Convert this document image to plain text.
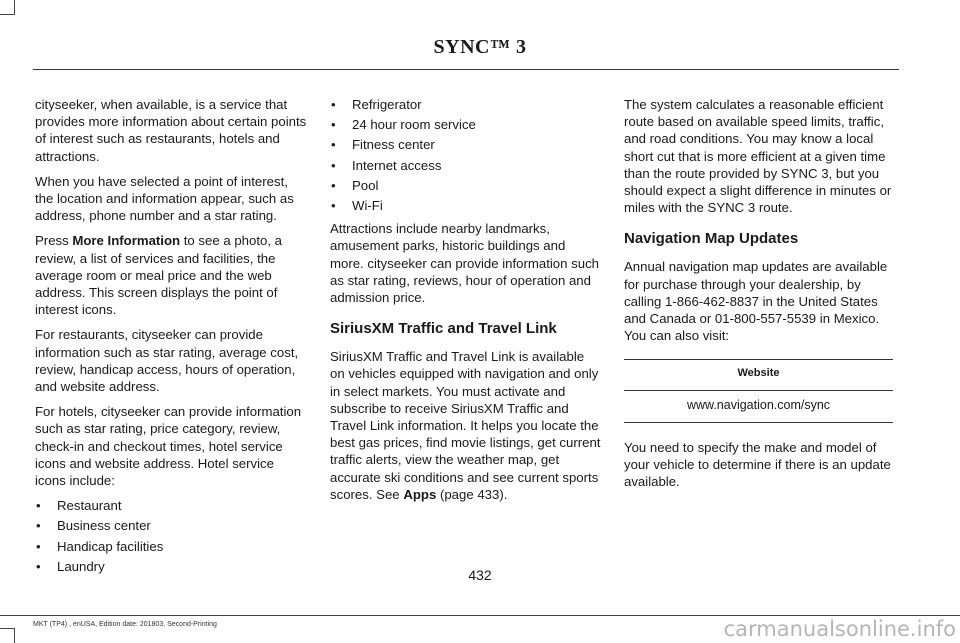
SYNC™ 3

cityseeker, when available, is a service that provides more information about certain points of interest such as restaurants, hotels and attractions.

When you have selected a point of interest, the location and information appear, such as address, phone number and a star rating.

Press More Information to see a photo, a review, a list of services and facilities, the average room or meal price and the web address. This screen displays the point of interest icons.

For restaurants, cityseeker can provide information such as star rating, average cost, review, handicap access, hours of operation, and website address.

For hotels, cityseeker can provide information such as star rating, price category, review, check-in and checkout times, hotel service icons and website address. Hotel service icons include:

• Restaurant
• Business center
• Handicap facilities
• Laundry
• Refrigerator
• 24 hour room service
• Fitness center
• Internet access
• Pool
• Wi-Fi

Attractions include nearby landmarks, amusement parks, historic buildings and more. cityseeker can provide information such as star rating, reviews, hour of operation and admission price.

SiriusXM Traffic and Travel Link

SiriusXM Traffic and Travel Link is available on vehicles equipped with navigation and only in select markets. You must activate and subscribe to receive SiriusXM Traffic and Travel Link information. It helps you locate the best gas prices, find movie listings, get current traffic alerts, view the weather map, get accurate ski conditions and see current sports scores. See Apps (page 433).

The system calculates a reasonable efficient route based on available speed limits, traffic, and road conditions. You may know a local short cut that is more efficient at a given time than the route provided by SYNC 3, but you should expect a slight difference in minutes or miles with the SYNC 3 route.

Navigation Map Updates

Annual navigation map updates are available for purchase through your dealership, by calling 1-866-462-8837 in the United States and Canada or 01-800-557-5539 in Mexico. You can also visit:

Website
www.navigation.com/sync

You need to specify the make and model of your vehicle to determine if there is an update available.

432
MKT (TP4) , enUSA, Edition date: 201803, Second-Printing	carmanualsonline.info
